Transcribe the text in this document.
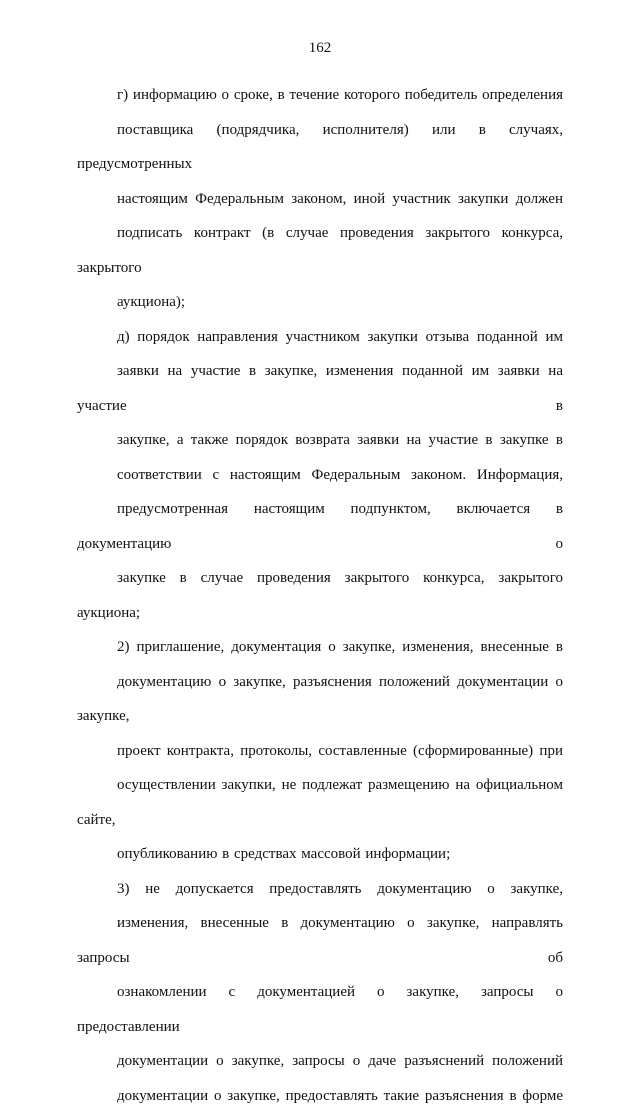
162
г) информацию о сроке, в течение которого победитель определения
поставщика (подрядчика, исполнителя) или в случаях, предусмотренных
настоящим Федеральным законом, иной участник закупки должен
подписать контракт (в случае проведения закрытого конкурса, закрытого
аукциона);
д) порядок направления участником закупки отзыва поданной им
заявки на участие в закупке, изменения поданной им заявки на участие в
закупке, а также порядок возврата заявки на участие в закупке в
соответствии с настоящим Федеральным законом. Информация,
предусмотренная настоящим подпунктом, включается в документацию о
закупке в случае проведения закрытого конкурса, закрытого аукциона;
2) приглашение, документация о закупке, изменения, внесенные в
документацию о закупке, разъяснения положений документации о закупке,
проект контракта, протоколы, составленные (сформированные) при
осуществлении закупки, не подлежат размещению на официальном сайте,
опубликованию в средствах массовой информации;
3) не допускается предоставлять документацию о закупке,
изменения, внесенные в документацию о закупке, направлять запросы об
ознакомлении с документацией о закупке, запросы о предоставлении
документации о закупке, запросы о даче разъяснений положений
документации о закупке, предоставлять такие разъяснения в форме
